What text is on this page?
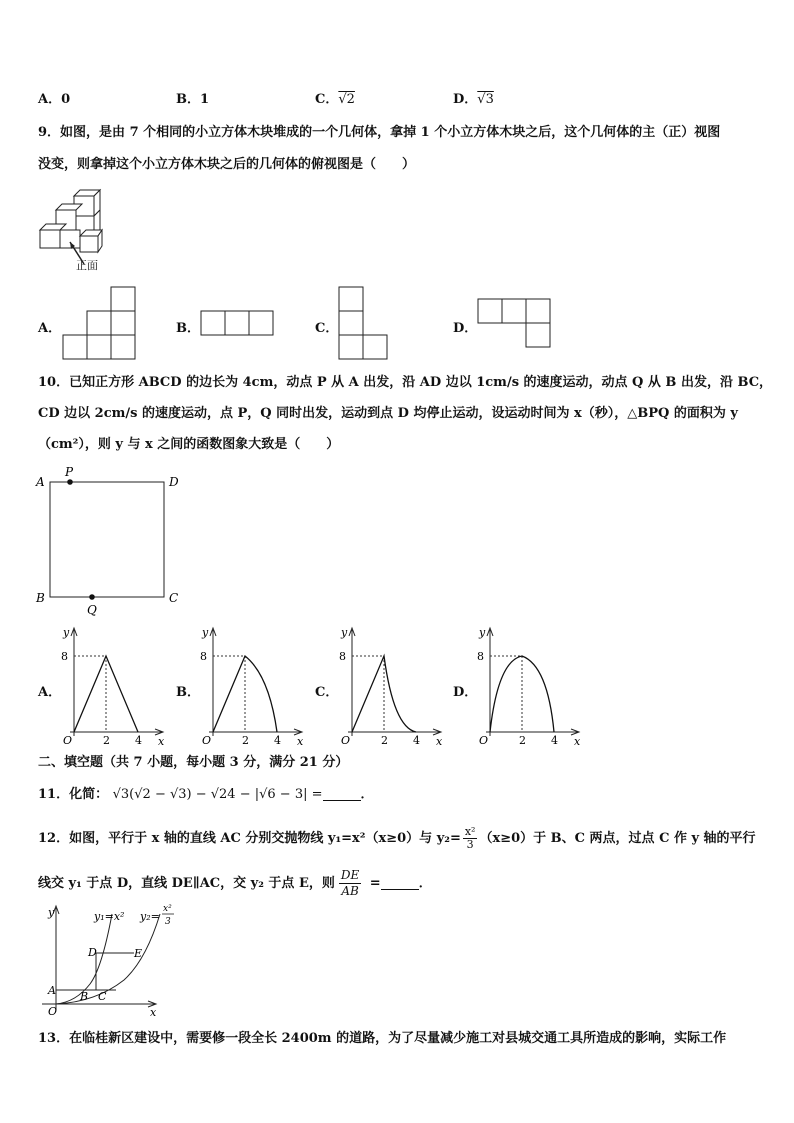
A．0	B．1	C．√2	D．√3
9．如图，是由 7 个相同的小立方体木块堆成的一个几何体，拿掉 1 个小立方体木块之后，这个几何体的主（正）视图
没变，则拿掉这个小立方体木块之后的几何体的俯视图是（　　）
正面
A．	B．	C．	D．
10．已知正方形 ABCD 的边长为 4cm，动点 P 从 A 出发，沿 AD 边以 1cm/s 的速度运动，动点 Q 从 B 出发，沿 BC，
CD 边以 2cm/s 的速度运动，点 P，Q 同时出发，运动到点 D 均停止运动，设运动时间为 x（秒），△BPQ 的面积为 y
（cm²），则 y 与 x 之间的函数图象大致是（　　）
A
P
D
B
Q
C
A．	B．	C．	D．
y
8
O	2 4 x
y
8
O	2 4 x
y
8
O	2 4 x
y
8
O	2 4 x
二、填空题（共 7 小题，每小题 3 分，满分 21 分）
11．化简： √3(√2 − √3) − √24 − |√6 − 3| =	．
12．如图，平行于 x 轴的直线 AC 分别交抛物线 y₁=x²（x≥0）与 $y_2= \frac{\text{x²}}{3} (x\ge 0)$于 B、C 两点，过点 C 作 y 轴的平行
线交 y₁ 于点 D，直线 DE∥AC，交 y₂ 于点 E，则 $\frac{DE}{AB}$ =	．
y	y₁=x² y₂=
x²
3
D	E
A B C
O	x
13．在临桂新区建设中，需要修一段全长 2400m 的道路，为了尽量减少施工对县城交通工具所造成的影响，实际工作
